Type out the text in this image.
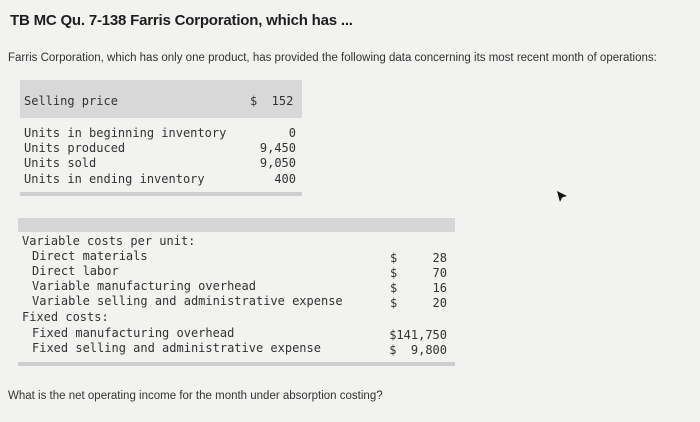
TB MC Qu. 7-138 Farris Corporation, which has ...
Farris Corporation, which has only one product, has provided the following data concerning its most recent month of operations:
Selling price	$  152
Units in beginning inventory	0
Units produced	9,450
Units sold	9,050
Units in ending inventory	400
Variable costs per unit:
Direct materials	$	28
Direct labor	$	70
Variable manufacturing overhead	$	16
Variable selling and administrative expense	$	20
Fixed costs:
Fixed manufacturing overhead	$141,750
Fixed selling and administrative expense	$  9,800
What is the net operating income for the month under absorption costing?
